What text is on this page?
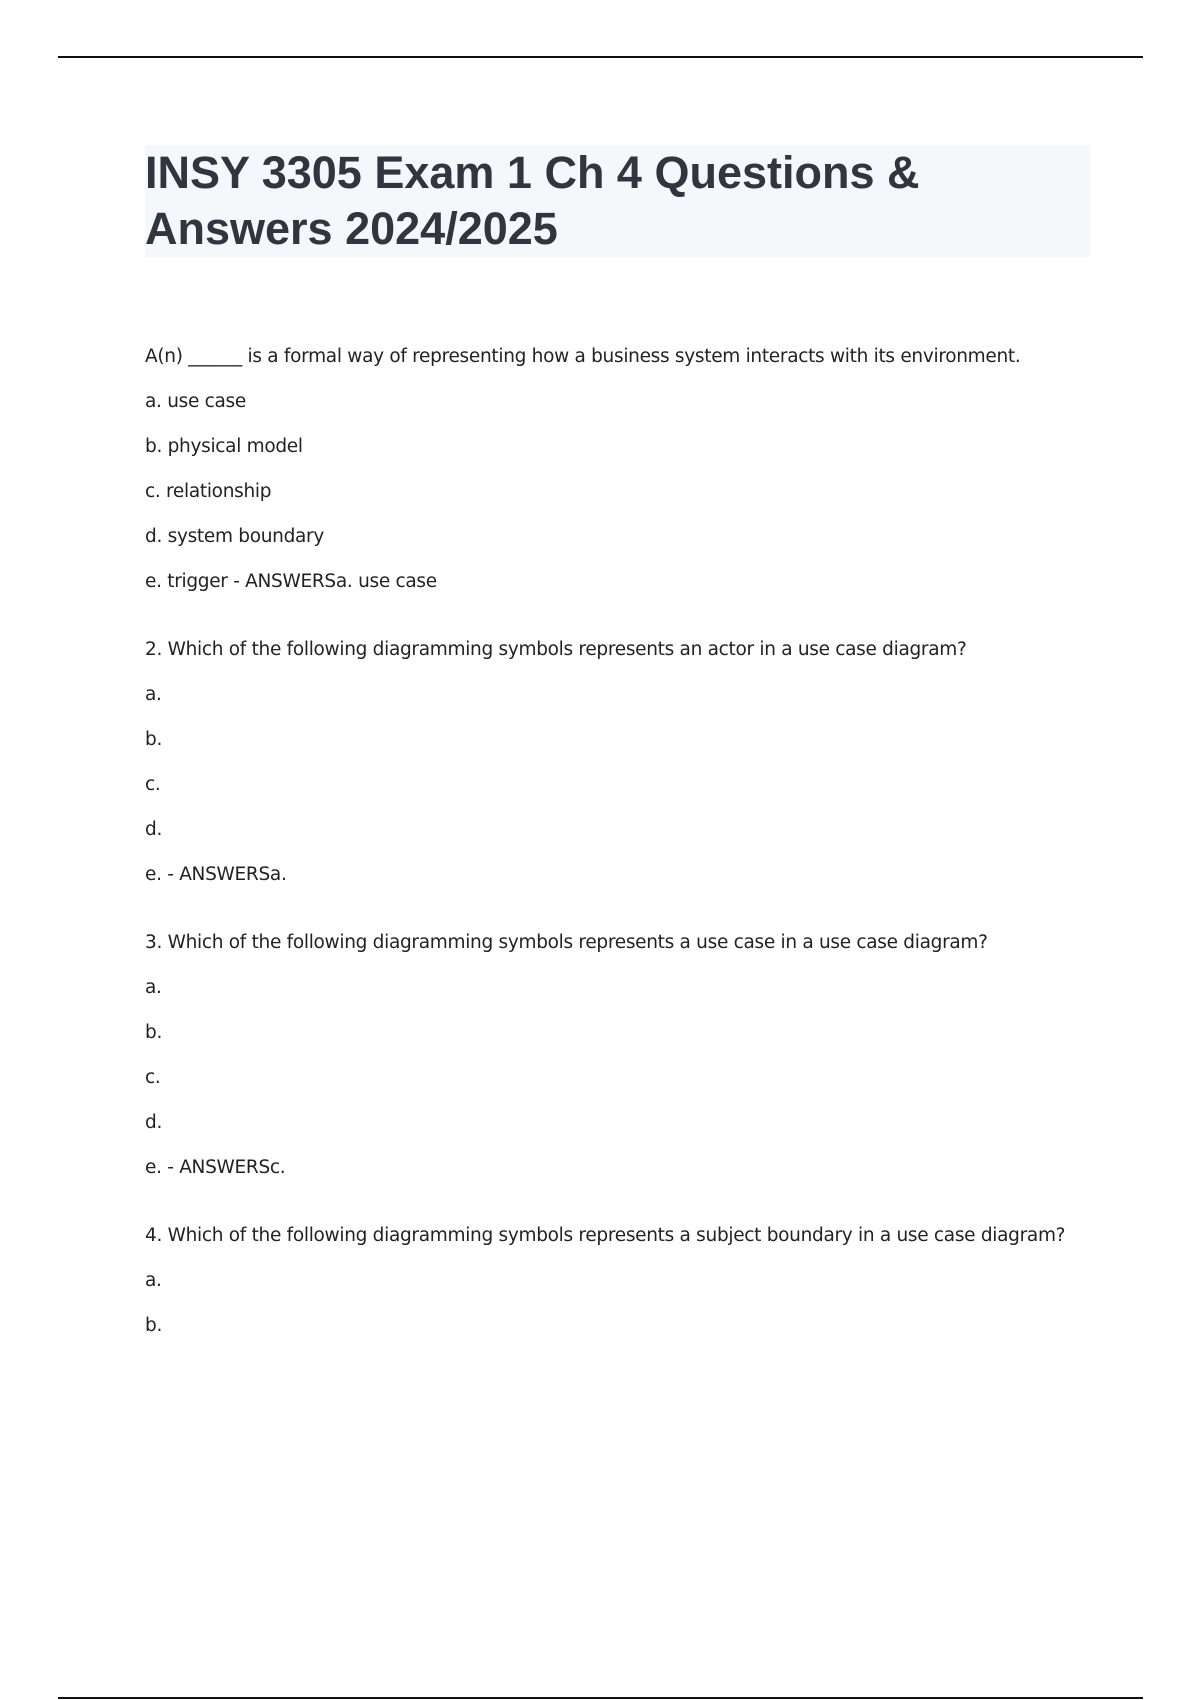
INSY 3305 Exam 1 Ch 4 Questions &
Answers 2024/2025
A(n) ______ is a formal way of representing how a business system interacts with its environment.
a. use case
b. physical model
c. relationship
d. system boundary
e. trigger - ANSWERSa. use case
2. Which of the following diagramming symbols represents an actor in a use case diagram?
a.
b.
c.
d.
e. - ANSWERSa.
3. Which of the following diagramming symbols represents a use case in a use case diagram?
a.
b.
c.
d.
e. - ANSWERSc.
4. Which of the following diagramming symbols represents a subject boundary in a use case diagram?
a.
b.
